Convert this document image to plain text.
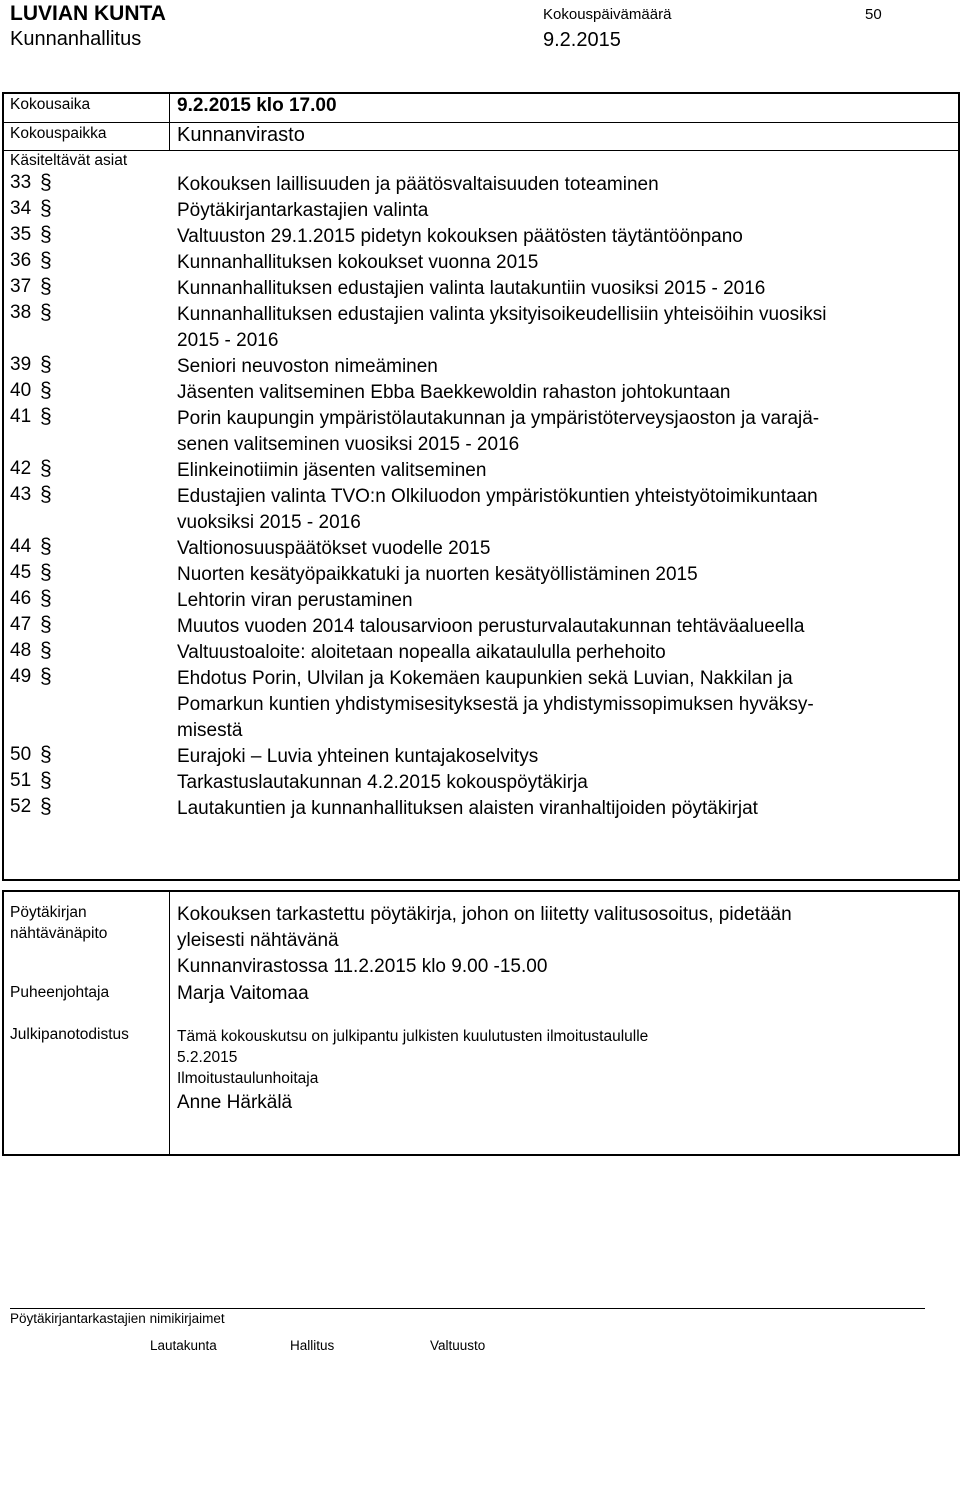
LUVIAN KUNTA
Kunnanhallitus
Kokouspäivämäärä
9.2.2015
50
Kokousaika	9.2.2015 klo 17.00
Kokouspaikka	Kunnanvirasto
Käsiteltävät asiat
33 §	Kokouksen laillisuuden ja päätösvaltaisuuden toteaminen
34 §	Pöytäkirjantarkastajien valinta
35 §	Valtuuston 29.1.2015 pidetyn kokouksen päätösten täytäntöönpano
36 §	Kunnanhallituksen kokoukset vuonna 2015
37 §	Kunnanhallituksen edustajien valinta lautakuntiin vuosiksi 2015 - 2016
38 §	Kunnanhallituksen edustajien valinta yksityisoikeudellisiin yhteisöihin vuosiksi
2015 - 2016
39 §	Seniori neuvoston nimeäminen
40 §	Jäsenten valitseminen Ebba Baekkewoldin rahaston johtokuntaan
41 §	Porin kaupungin ympäristölautakunnan ja ympäristöterveysjaoston ja varajä-
senen valitseminen vuosiksi 2015 - 2016
42 §	Elinkeinotiimin jäsenten valitseminen
43 §	Edustajien valinta TVO:n Olkiluodon ympäristökuntien yhteistyötoimikuntaan
vuoksiksi 2015 - 2016
44 §	Valtionosuuspäätökset vuodelle 2015
45 §	Nuorten kesätyöpaikkatuki ja nuorten kesätyöllistäminen 2015
46 §	Lehtorin viran perustaminen
47 §	Muutos vuoden 2014 talousarvioon perusturvalautakunnan tehtäväalueella
48 §	Valtuustoaloite: aloitetaan nopealla aikataululla perhehoito
49 §	Ehdotus Porin, Ulvilan ja Kokemäen kaupunkien sekä Luvian, Nakkilan ja
Pomarkun kuntien yhdistymisesityksestä ja yhdistymissopimuksen hyväksy-
misestä
50 §	Eurajoki – Luvia yhteinen kuntajakoselvitys
51 §	Tarkastuslautakunnan 4.2.2015 kokouspöytäkirja
52 §	Lautakuntien ja kunnanhallituksen alaisten viranhaltijoiden pöytäkirjat
Pöytäkirjan
nähtävänäpito
Kokouksen tarkastettu pöytäkirja, johon on liitetty valitusosoitus, pidetään
yleisesti nähtävänä
Kunnanvirastossa 11.2.2015 klo 9.00 -15.00
Puheenjohtaja	Marja Vaitomaa
Julkipanotodistus	Tämä kokouskutsu on julkipantu julkisten kuulutusten ilmoitustaululle
5.2.2015
Ilmoitustaulunhoitaja
Anne Härkälä
Pöytäkirjantarkastajien nimikirjaimet
Lautakunta	Hallitus	Valtuusto
